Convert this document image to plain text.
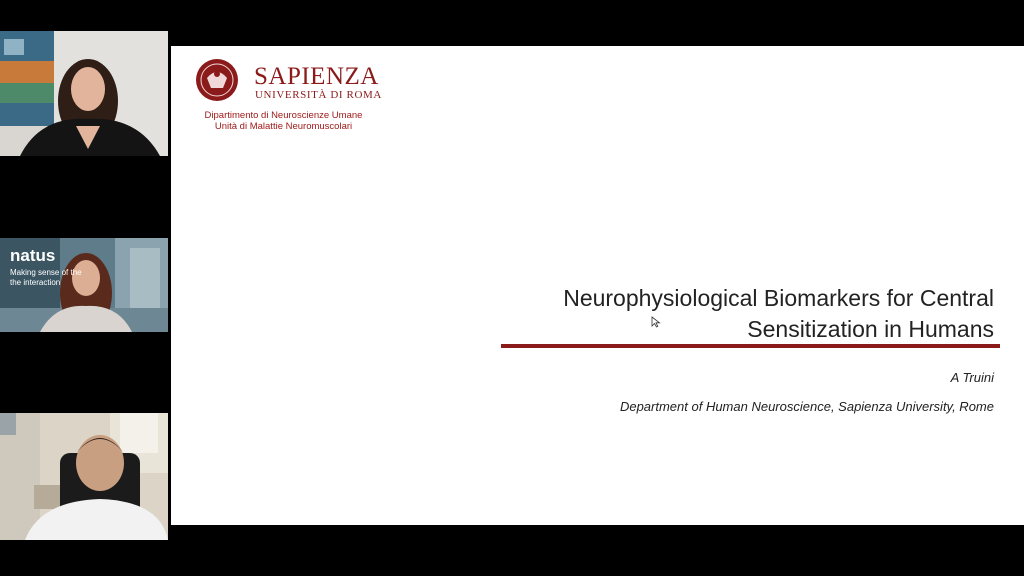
natus
Making sense of the
the interaction
SAPIENZA
UNIVERSITÀ DI ROMA
Dipartimento di Neuroscienze Umane
Unità di Malattie Neuromuscolari
Neurophysiological Biomarkers for Central
Sensitization in Humans
A Truini
Department of Human Neuroscience, Sapienza University, Rome
